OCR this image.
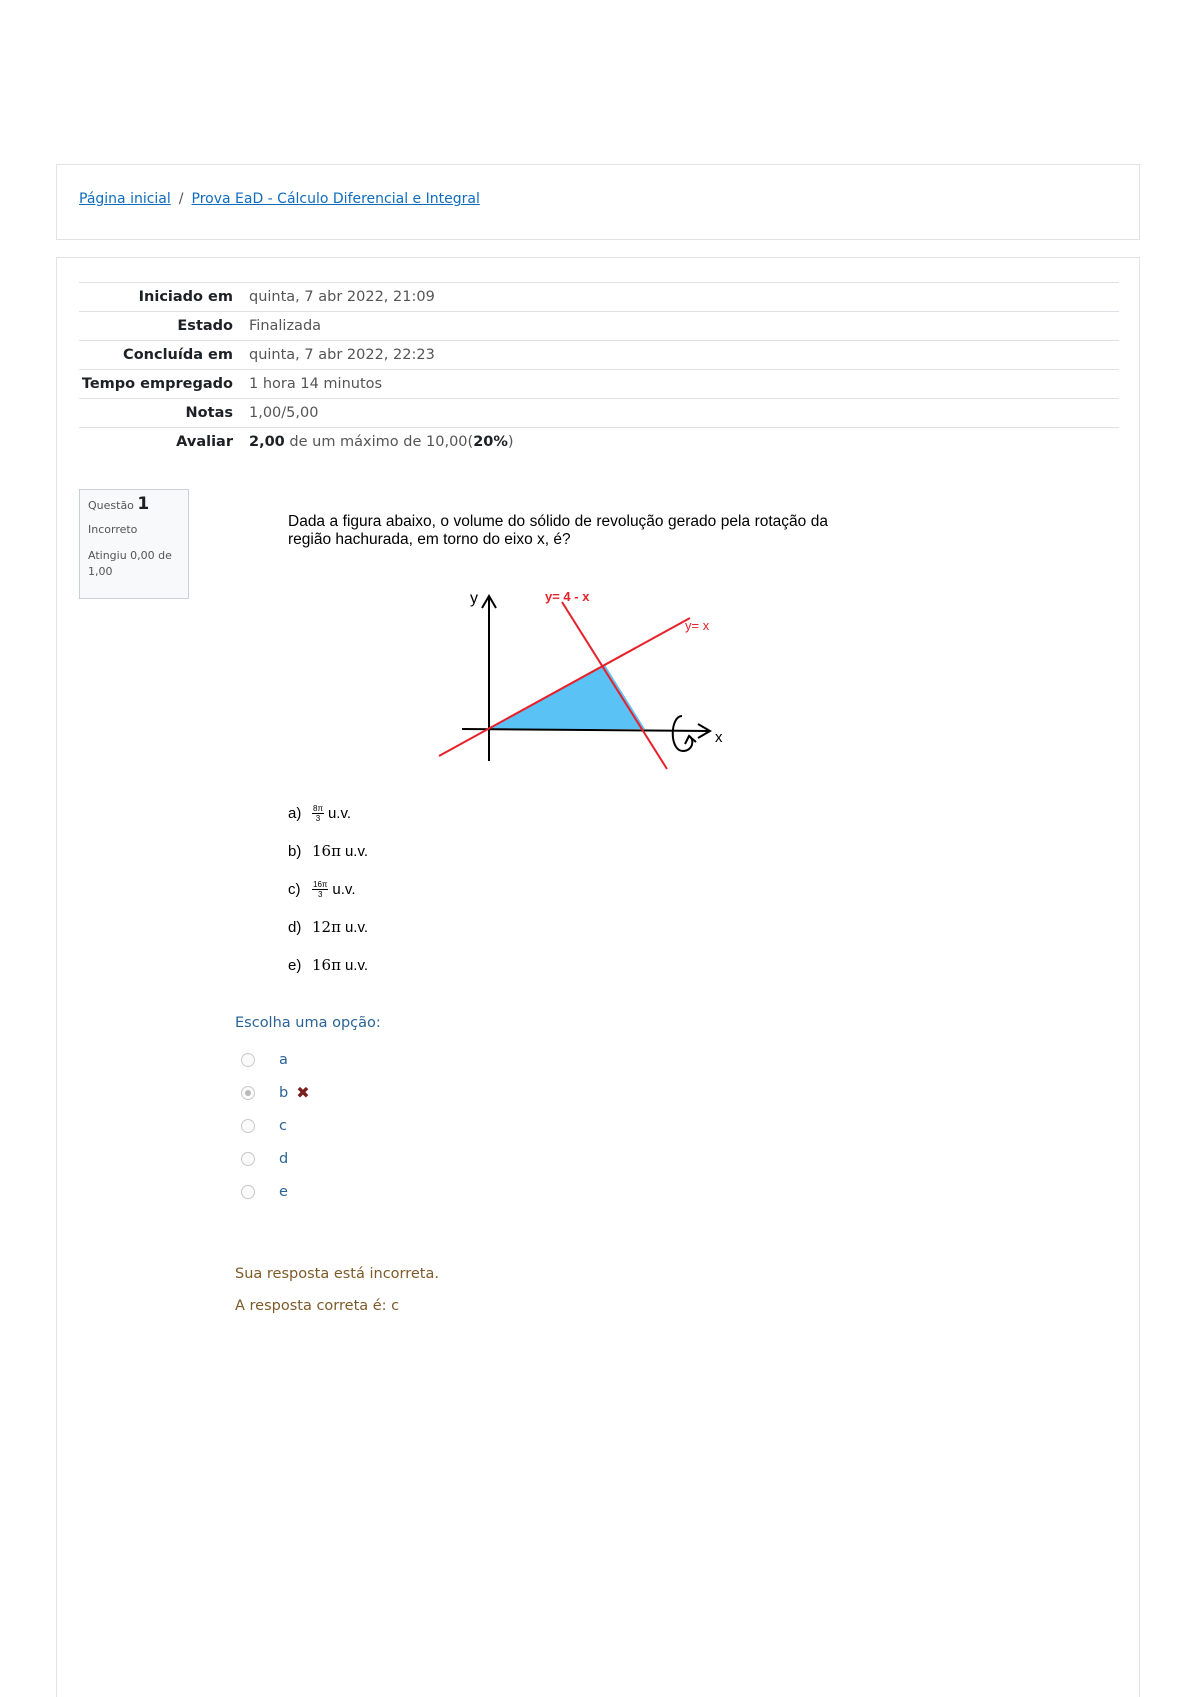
Página inicial / Prova EaD - Cálculo Diferencial e Integral
Iniciado em	quinta, 7 abr 2022, 21:09
Estado	Finalizada
Concluída em	quinta, 7 abr 2022, 22:23
Tempo empregado	1 hora 14 minutos
Notas	1,00/5,00
Avaliar	2,00 de um máximo de 10,00(20%)
Questão 1
Incorreto
Atingiu 0,00 de 1,00
Dada a figura abaixo, o volume do sólido de revolução gerado pela rotação da região hachurada, em torno do eixo x, é?
y
x
y= 4 - x
y= x
a)	$\frac{8\pi}{3} u.v$.
b) 16π u.v.
c)	$\frac{16\pi}{3} u.v$.
d) 12π u.v.
e) 16π u.v.
Escolha uma opção:
a
b ✖
c
d
e
Sua resposta está incorreta.
A resposta correta é: c
